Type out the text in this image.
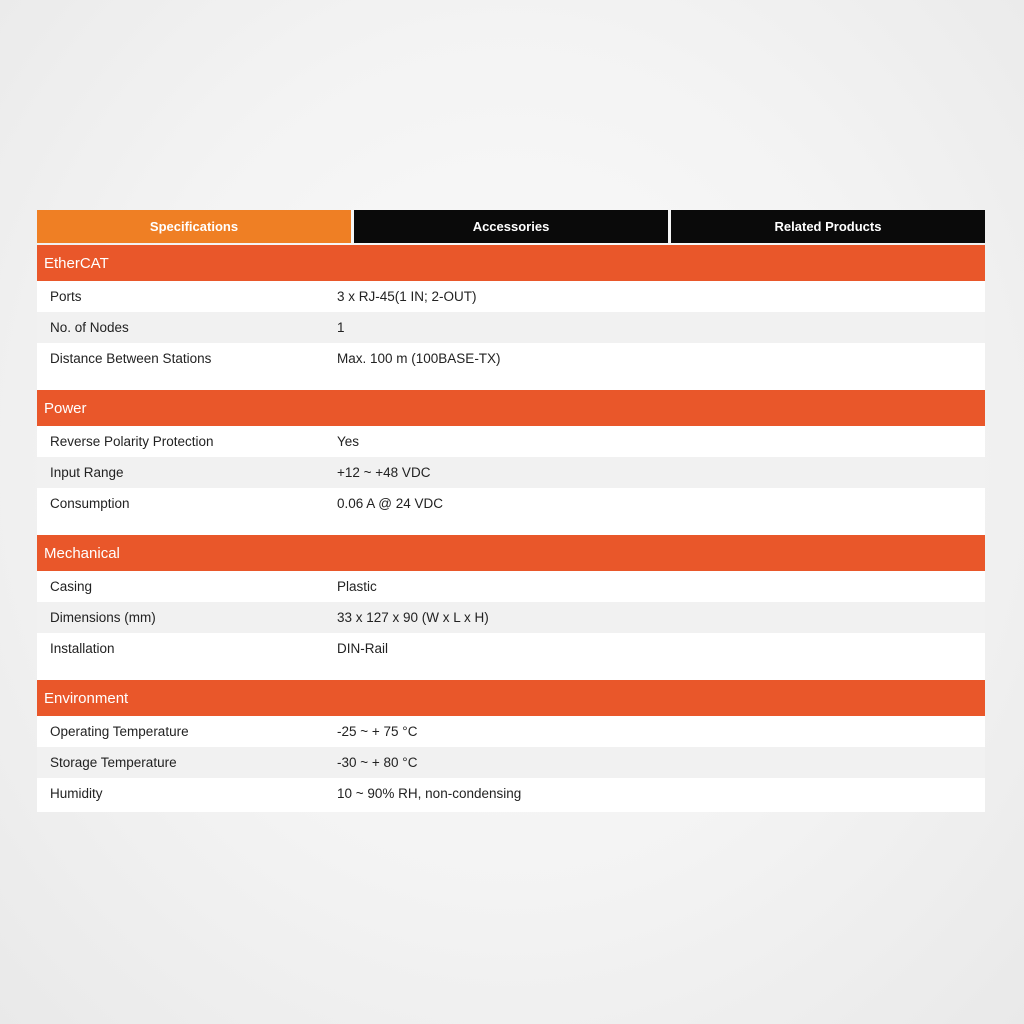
Specifications	Accessories	Related Products
EtherCAT
Ports	3 x RJ-45(1 IN; 2-OUT)
No. of Nodes	1
Distance Between Stations	Max. 100 m (100BASE-TX)
Power
Reverse Polarity Protection	Yes
Input Range	+12 ~ +48 VDC
Consumption	0.06 A @ 24 VDC
Mechanical
Casing	Plastic
Dimensions (mm)	33 x 127 x 90 (W x L x H)
Installation	DIN-Rail
Environment
Operating Temperature	-25 ~ + 75 °C
Storage Temperature	-30 ~ + 80 °C
Humidity	10 ~ 90% RH, non-condensing
